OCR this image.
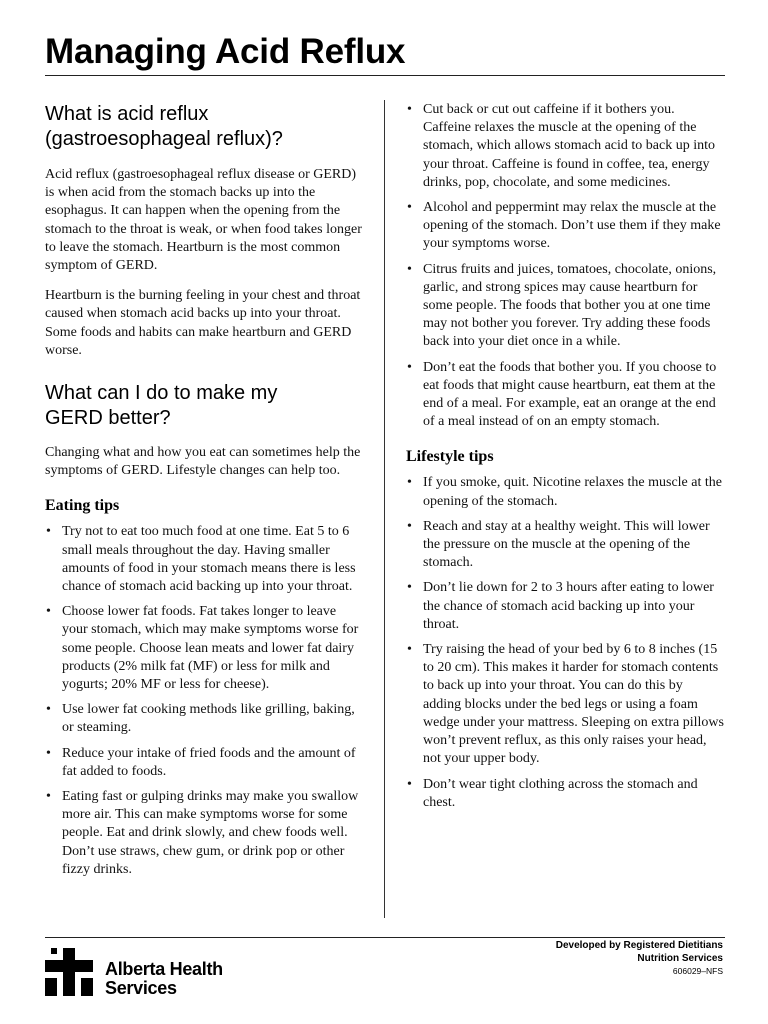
Managing Acid Reflux
What is acid reflux
(gastroesophageal reflux)?

Acid reflux (gastroesophageal reflux disease or GERD) is when acid from the stomach backs up into the esophagus. It can happen when the opening from the stomach to the throat is weak, or when food takes longer to leave the stomach. Heartburn is the most common symptom of GERD.

Heartburn is the burning feeling in your chest and throat caused when stomach acid backs up into your throat. Some foods and habits can make heartburn and GERD worse.

What can I do to make my
GERD better?

Changing what and how you eat can sometimes help the symptoms of GERD. Lifestyle changes can help too.

Eating tips
• Try not to eat too much food at one time. Eat 5 to 6 small meals throughout the day. Having smaller amounts of food in your stomach means there is less chance of stomach acid backing up into your throat.
• Choose lower fat foods. Fat takes longer to leave your stomach, which may make symptoms worse for some people. Choose lean meats and lower fat dairy products (2% milk fat (MF) or less for milk and yogurts; 20% MF or less for cheese).
• Use lower fat cooking methods like grilling, baking, or steaming.
• Reduce your intake of fried foods and the amount of fat added to foods.
• Eating fast or gulping drinks may make you swallow more air. This can make symptoms worse for some people. Eat and drink slowly, and chew foods well. Don’t use straws, chew gum, or drink pop or other fizzy drinks.
• Cut back or cut out caffeine if it bothers you. Caffeine relaxes the muscle at the opening of the stomach, which allows stomach acid to back up into your throat. Caffeine is found in coffee, tea, energy drinks, pop, chocolate, and some medicines.
• Alcohol and peppermint may relax the muscle at the opening of the stomach. Don’t use them if they make your symptoms worse.
• Citrus fruits and juices, tomatoes, chocolate, onions, garlic, and strong spices may cause heartburn for some people. The foods that bother you at one time may not bother you forever. Try adding these foods back into your diet once in a while.
• Don’t eat the foods that bother you. If you choose to eat foods that might cause heartburn, eat them at the end of a meal. For example, eat an orange at the end of a meal instead of on an empty stomach.
Lifestyle tips
• If you smoke, quit. Nicotine relaxes the muscle at the opening of the stomach.
• Reach and stay at a healthy weight. This will lower the pressure on the muscle at the opening of the stomach.
• Don’t lie down for 2 to 3 hours after eating to lower the chance of stomach acid backing up into your throat.
• Try raising the head of your bed by 6 to 8 inches (15 to 20 cm). This makes it harder for stomach contents to back up into your throat. You can do this by adding blocks under the bed legs or using a foam wedge under your mattress. Sleeping on extra pillows won’t prevent reflux, as this only raises your head, not your upper body.
• Don’t wear tight clothing across the stomach and chest.
Alberta Health
Services
Developed by Registered Dietitians
Nutrition Services
606029–NFS
